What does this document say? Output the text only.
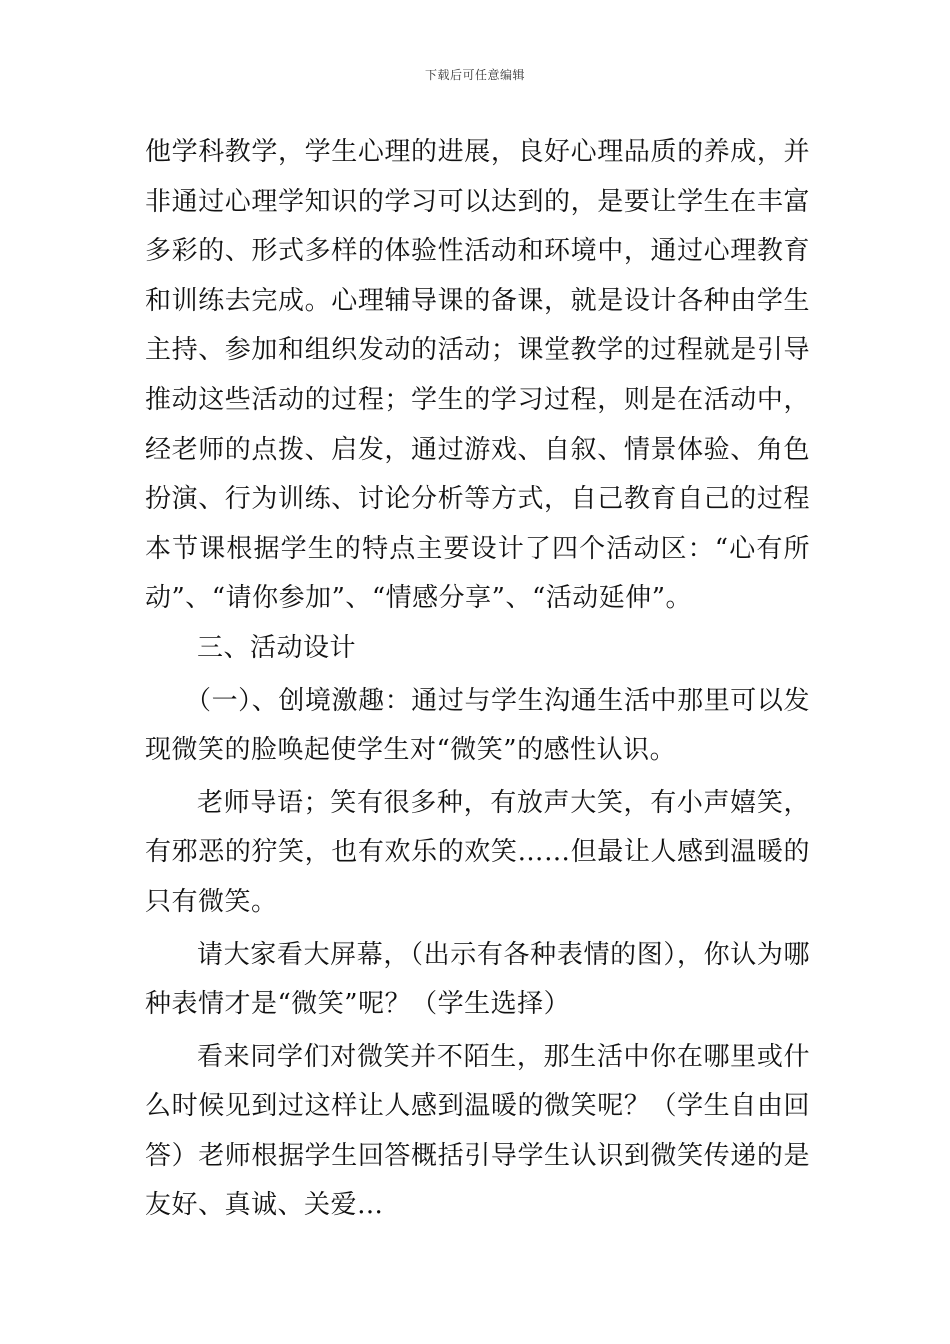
下载后可任意编辑

他学科教学，学生心理的进展，良好心理品质的养成，并非通过心理学知识的学习可以达到的，是要让学生在丰富多彩的、形式多样的体验性活动和环境中，通过心理教育和训练去完成。心理辅导课的备课，就是设计各种由学生主持、参加和组织发动的活动；课堂教学的过程就是引导推动这些活动的过程；学生的学习过程，则是在活动中，经老师的点拨、启发，通过游戏、自叙、情景体验、角色扮演、行为训练、讨论分析等方式，自己教育自己的过程本节课根据学生的特点主要设计了四个活动区：“心有所动”、“请你参加”、“情感分享”、“活动延伸”。

三、活动设计

（一）、创境激趣：通过与学生沟通生活中那里可以发现微笑的脸唤起使学生对“微笑”的感性认识。

老师导语；笑有很多种，有放声大笑，有小声嬉笑，有邪恶的狞笑，也有欢乐的欢笑……但最让人感到温暖的只有微笑。

请大家看大屏幕，（出示有各种表情的图），你认为哪种表情才是“微笑”呢？（学生选择）

看来同学们对微笑并不陌生，那生活中你在哪里或什么时候见到过这样让人感到温暖的微笑呢？（学生自由回答）老师根据学生回答概括引导学生认识到微笑传递的是友好、真诚、关爱…
